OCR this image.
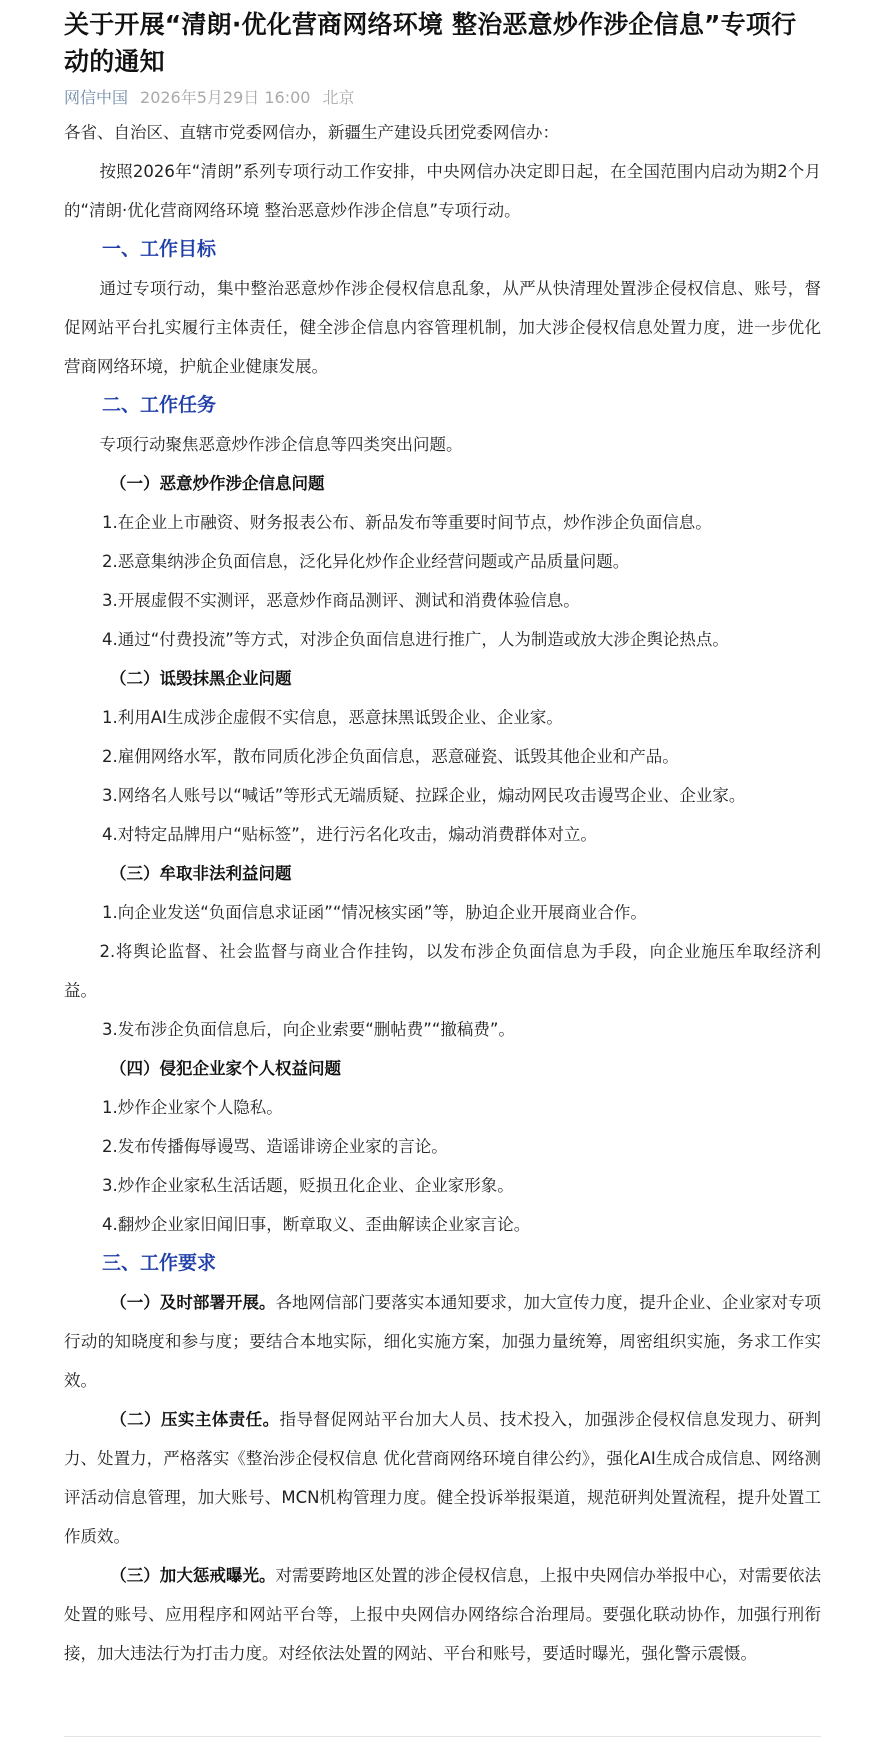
关于开展“清朗·优化营商网络环境 整治恶意炒作涉企信息”专项行动的通知
网信中国 2026年5月29日 16:00 北京

各省、自治区、直辖市党委网信办，新疆生产建设兵团党委网信办：

按照2026年“清朗”系列专项行动工作安排，中央网信办决定即日起，在全国范围内启动为期2个月的“清朗·优化营商网络环境 整治恶意炒作涉企信息”专项行动。

一、工作目标

通过专项行动，集中整治恶意炒作涉企侵权信息乱象，从严从快清理处置涉企侵权信息、账号，督促网站平台扎实履行主体责任，健全涉企信息内容管理机制，加大涉企侵权信息处置力度，进一步优化营商网络环境，护航企业健康发展。

二、工作任务

专项行动聚焦恶意炒作涉企信息等四类突出问题。

（一）恶意炒作涉企信息问题

1.在企业上市融资、财务报表公布、新品发布等重要时间节点，炒作涉企负面信息。

2.恶意集纳涉企负面信息，泛化异化炒作企业经营问题或产品质量问题。

3.开展虚假不实测评，恶意炒作商品测评、测试和消费体验信息。

4.通过“付费投流”等方式，对涉企负面信息进行推广，人为制造或放大涉企舆论热点。

（二）诋毁抹黑企业问题

1.利用AI生成涉企虚假不实信息，恶意抹黑诋毁企业、企业家。

2.雇佣网络水军，散布同质化涉企负面信息，恶意碰瓷、诋毁其他企业和产品。

3.网络名人账号以“喊话”等形式无端质疑、拉踩企业，煽动网民攻击谩骂企业、企业家。

4.对特定品牌用户“贴标签”，进行污名化攻击，煽动消费群体对立。

（三）牟取非法利益问题

1.向企业发送“负面信息求证函”“情况核实函”等，胁迫企业开展商业合作。

2.将舆论监督、社会监督与商业合作挂钩，以发布涉企负面信息为手段，向企业施压牟取经济利益。

3.发布涉企负面信息后，向企业索要“删帖费”“撤稿费”。

（四）侵犯企业家个人权益问题

1.炒作企业家个人隐私。

2.发布传播侮辱谩骂、造谣诽谤企业家的言论。

3.炒作企业家私生活话题，贬损丑化企业、企业家形象。

4.翻炒企业家旧闻旧事，断章取义、歪曲解读企业家言论。

三、工作要求

（一）及时部署开展。各地网信部门要落实本通知要求，加大宣传力度，提升企业、企业家对专项行动的知晓度和参与度；要结合本地实际，细化实施方案，加强力量统筹，周密组织实施，务求工作实效。

（二）压实主体责任。指导督促网站平台加大人员、技术投入，加强涉企侵权信息发现力、研判力、处置力，严格落实《整治涉企侵权信息 优化营商网络环境自律公约》，强化AI生成合成信息、网络测评活动信息管理，加大账号、MCN机构管理力度。健全投诉举报渠道，规范研判处置流程，提升处置工作质效。

（三）加大惩戒曝光。对需要跨地区处置的涉企侵权信息，上报中央网信办举报中心，对需要依法处置的账号、应用程序和网站平台等，上报中央网信办网络综合治理局。要强化联动协作，加强行刑衔接，加大违法行为打击力度。对经依法处置的网站、平台和账号，要适时曝光，强化警示震慑。
